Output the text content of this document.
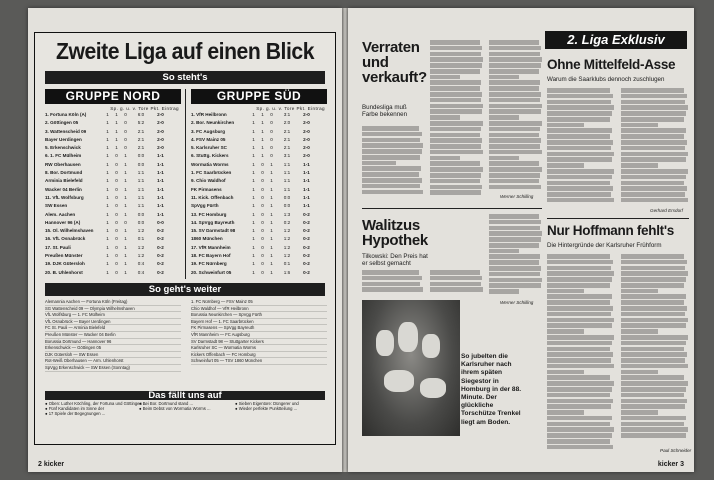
Zweite Liga auf einen Blick
So steht's
GRUPPE NORD
Sp. g. u. v. Tore Pkt. Eintrag
1. Fortuna Köln (A)	1	1	0	6:0	2-0
2. Göttingen 05	1	1	0	5:2	2-0
3. Wattenscheid 09	1	1	0	2:1	2-0
Bayer Uerdingen	1	1	0	2:1	2-0
5. Erkenschwick	1	1	0	2:1	2-0
6. 1. FC Mülheim	1	0	1	0:0	1-1
RW Oberhausen	1	0	1	0:0	1-1
8. Bor. Dortmund	1	0	1	1:1	1-1
Arminia Bielefeld	1	0	1	1:1	1-1
Wacker 04 Berlin	1	0	1	1:1	1-1
11. VfL Wolfsburg	1	0	1	1:1	1-1
SW Essen	1	0	1	1:1	1-1
Alem. Aachen	1	0	1	0:0	1-1
Hannover 96 (A)	1	0	0	0:0	0-0
15. Ol. Wilhelmshaven	1	0	1	1:2	0-2
16. VfL Osnabrück	1	0	1	0:1	0-2
17. St. Pauli	1	0	1	1:2	0-2
Preußen Münster	1	0	1	1:2	0-2
19. DJK Gütersloh	1	0	1	0:4	0-2
20. B. Uhlenhorst	1	0	1	0:4	0-2
GRUPPE SÜD
Sp. g. u. v. Tore Pkt. Eintrag
1. VfR Heilbronn	1	1	0	3:1	2-0
2. Bor. Neunkirchen	1	1	0	2:0	2-0
3. FC Augsburg	1	1	0	2:1	2-0
4. FSV Mainz 05	1	1	0	2:1	2-0
5. Karlsruher SC	1	1	0	2:1	2-0
6. Stuttg. Kickers	1	1	0	3:1	2-0
Wormatia Worms	1	0	1	1:1	1-1
1. FC Saarbrücken	1	0	1	1:1	1-1
9. Chio Waldhof	1	0	1	1:1	1-1
FK Pirmasens	1	0	1	1:1	1-1
11. Kick. Offenbach	1	0	1	0:0	1-1
SpVgg Fürth	1	0	1	0:0	1-1
13. FC Homburg	1	0	1	1:3	0-2
14. SpVgg Bayreuth	1	0	1	0:2	0-2
15. SV Darmstadt 98	1	0	1	1:2	0-2
1860 München	1	0	1	1:2	0-2
17. VfR Mannheim	1	0	1	1:2	0-2
18. FC Bayern Hof	1	0	1	1:2	0-2
19. FC Nürnberg	1	0	1	0:1	0-2
20. Schweinfurt 05	1	0	1	1:6	0-2
So geht's weiter
Alemannia Aachen — Fortuna Köln (Freitag)
SG Wattenscheid 09 — Olympia Wilhelmshaven
VfL Wolfsburg — 1. FC Mülheim
VfL Osnabrück — Bayer Uerdingen
FC St. Pauli — Arminia Bielefeld
Preußen Münster — Wacker 04 Berlin
Borussia Dortmund — Hannover 96
Erkenschwick — Göttingen 05
DJK Gütersloh — SW Essen
Rot-Weiß Oberhausen — Arm. Uhlenhorst
SpVgg Erkenschwick — SW Essen (Sonntag)
1. FC Nürnberg — FSV Mainz 05
Chio Waldhof — VfR Heilbronn
Borussia Neunkirchen — SpVgg Fürth
Bayern Hof — 1. FC Saarbrücken
FK Pirmasens — SpVgg Bayreuth
VfR Mannheim — FC Augsburg
SV Darmstadt 98 — Stuttgarter Kickers
Karlsruher SC — Wormatia Worms
Kickers Offenbach — FC Homburg
Schweinfurt 05 — TSV 1860 München
Das fällt uns auf
● Oben: Luther Köchling, der Fortuna und Göttingen ...
● Fünf Kandidaten im Sinne der
● 17 Spiele der Begegnungen ...
● Bei Bor. Dortmund stand ...
● Beim Debüt von Wormatia Worms ...
● Sieben Eigentore: Düngerer und
● Wieder perfekte Punktteilung ...
2 kicker
Verraten und verkauft?
Bundesliga muß Farbe bekennen
Werner Schilling
2. Liga Exklusiv
Ohne Mittelfeld-Asse
Warum die Saarklubs dennoch zuschlugen
Gerhard Ersdorf
Walitzus Hypothek
Tilkowski: Den Preis hat er selbst gemacht
Werner Schilling
So jubelten die Karlsruher nach ihrem späten Siegestor in Homburg in der 88. Minute. Der glückliche Torschütze Trenkel liegt am Boden.
Nur Hoffmann fehlt's
Die Hintergründe der Karlsruher Frühform
Paul Schneider
kicker 3
